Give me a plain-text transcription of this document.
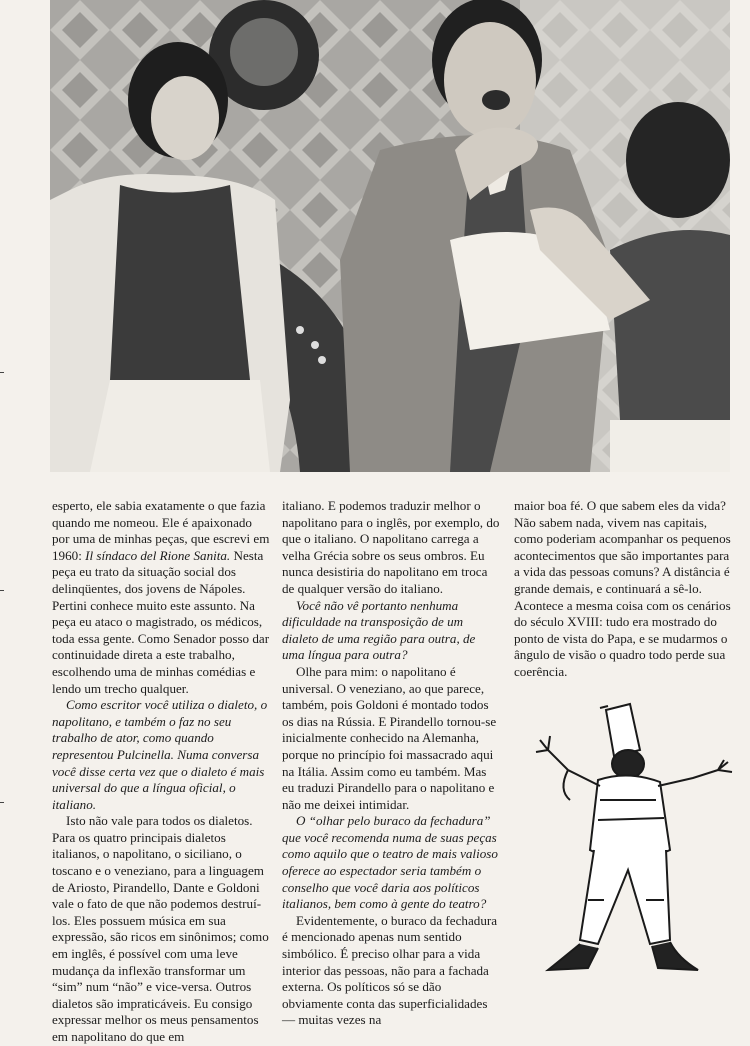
esperto, ele sabia exatamente o que fazia quando me nomeou. Ele é apaixonado por uma de minhas peças, que escrevi em 1960: Il síndaco del Rione Sanita. Nesta peça eu trato da situação social dos delinqüentes, dos jovens de Nápoles. Pertini conhece muito este assunto. Na peça eu ataco o magistrado, os médicos, toda essa gente. Como Senador posso dar continuidade direta a este trabalho, escolhendo uma de minhas comédias e lendo um trecho qualquer.

Como escritor você utiliza o dialeto, o napolitano, e também o faz no seu trabalho de ator, como quando representou Pulcinella. Numa conversa você disse certa vez que o dialeto é mais universal do que a língua oficial, o italiano.

Isto não vale para todos os dialetos. Para os quatro principais dialetos italianos, o napolitano, o siciliano, o toscano e o veneziano, para a linguagem de Ariosto, Pirandello, Dante e Goldoni vale o fato de que não podemos destruí-los. Eles possuem música em sua expressão, são ricos em sinônimos; como em inglês, é possível com uma leve mudança da inflexão transformar um “sim” num “não” e vice-versa. Outros dialetos são impraticáveis. Eu consigo expressar melhor os meus pensamentos em napolitano do que em

italiano. E podemos traduzir melhor o napolitano para o inglês, por exemplo, do que o italiano. O napolitano carrega a velha Grécia sobre os seus ombros. Eu nunca desistiria do napolitano em troca de qualquer versão do italiano.

Você não vê portanto nenhuma dificuldade na transposição de um dialeto de uma região para outra, de uma língua para outra?

Olhe para mim: o napolitano é universal. O veneziano, ao que parece, também, pois Goldoni é montado todos os dias na Rússia. E Pirandello tornou-se inicialmente conhecido na Alemanha, porque no princípio foi massacrado aqui na Itália. Assim como eu também. Mas eu traduzi Pirandello para o napolitano e não me deixei intimidar.

O “olhar pelo buraco da fechadura” que você recomenda numa de suas peças como aquilo que o teatro de mais valioso oferece ao espectador seria também o conselho que você daria aos políticos italianos, bem como à gente do teatro?

Evidentemente, o buraco da fechadura é mencionado apenas num sentido simbólico. É preciso olhar para a vida interior das pessoas, não para a fachada externa. Os políticos só se dão obviamente conta das superficialidades — muitas vezes na

maior boa fé. O que sabem eles da vida? Não sabem nada, vivem nas capitais, como poderiam acompanhar os pequenos acontecimentos que são importantes para a vida das pessoas comuns? A distância é grande demais, e continuará a sê-lo. Acontece a mesma coisa com os cenários do século XVIII: tudo era mostrado do ponto de vista do Papa, e se mudarmos o ângulo de visão o quadro todo perde sua coerência.
